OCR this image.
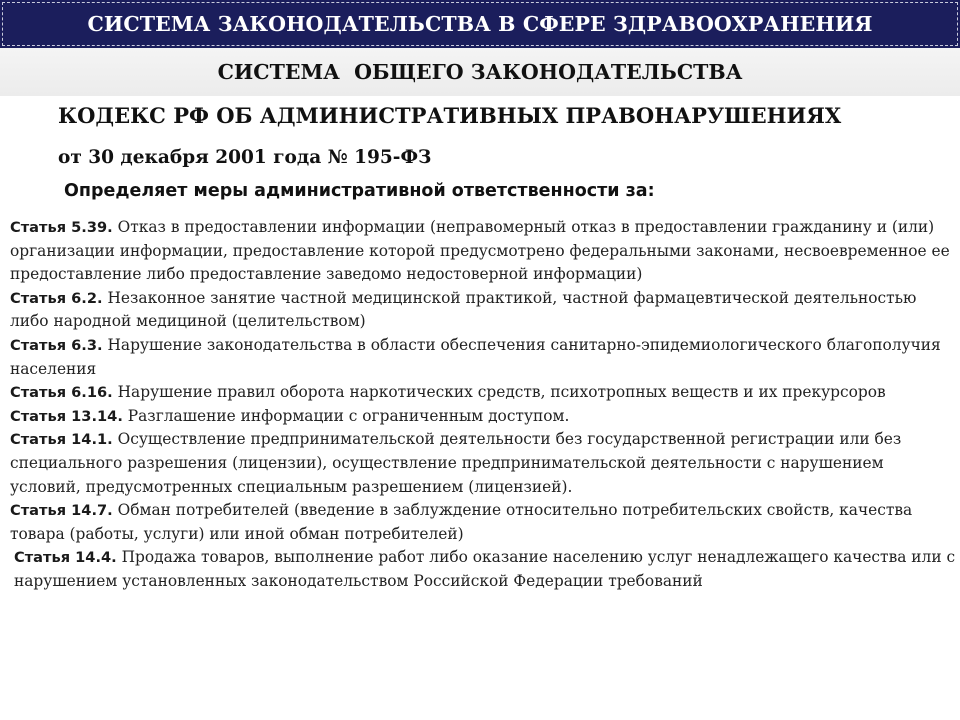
СИСТЕМА ЗАКОНОДАТЕЛЬСТВА В СФЕРЕ ЗДРАВООХРАНЕНИЯ
СИСТЕМА  ОБЩЕГО ЗАКОНОДАТЕЛЬСТВА
КОДЕКС РФ ОБ АДМИНИСТРАТИВНЫХ ПРАВОНАРУШЕНИЯХ
от 30 декабря 2001 года № 195-ФЗ
Определяет меры административной ответственности за:

Статья 5.39. Отказ в предоставлении информации (неправомерный отказ в предоставлении гражданину и (или) организации информации, предоставление которой предусмотрено федеральными законами, несвоевременное ее предоставление либо предоставление заведомо недостоверной информации)

Статья 6.2. Незаконное занятие частной медицинской практикой, частной фармацевтической деятельностью либо народной медициной (целительством)

Статья 6.3. Нарушение законодательства в области обеспечения санитарно-эпидемиологического благополучия населения

Статья 6.16. Нарушение правил оборота наркотических средств, психотропных веществ и их прекурсоров

Статья 13.14. Разглашение информации с ограниченным доступом.

Статья 14.1. Осуществление предпринимательской деятельности без государственной регистрации или без специального разрешения (лицензии), осуществление предпринимательской деятельности с нарушением условий, предусмотренных специальным разрешением (лицензией).

Статья 14.7. Обман потребителей (введение в заблуждение относительно потребительских свойств, качества товара (работы, услуги) или иной обман потребителей)

Статья 14.4. Продажа товаров, выполнение работ либо оказание населению услуг ненадлежащего качества или с нарушением установленных законодательством Российской Федерации требований
